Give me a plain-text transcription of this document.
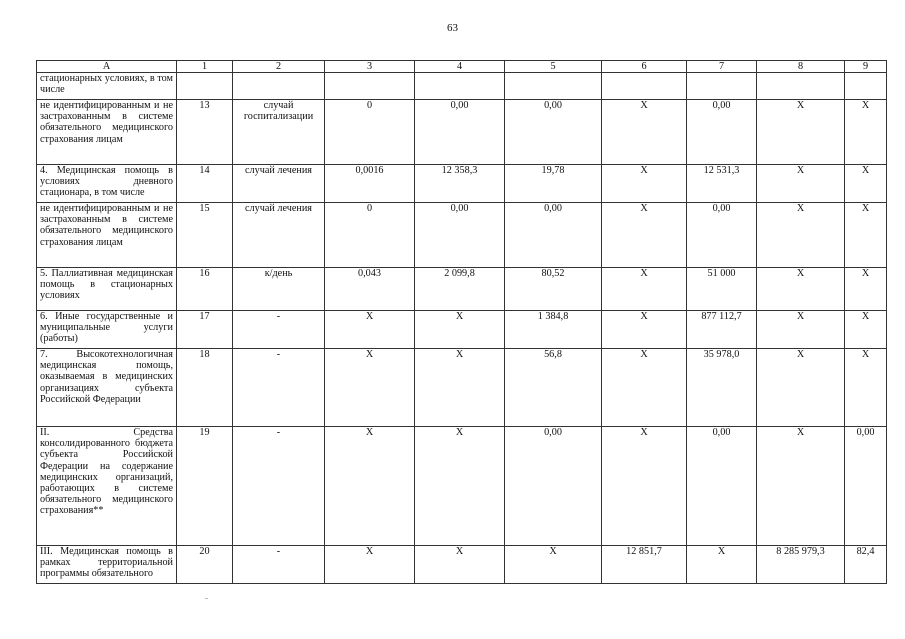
63
А	1	2	3	4	5	6	7	8	9
стационарных условиях, в том числе									
не идентифицированным и не застрахованным в системе обязательного медицинского страхования лицам	13	случай госпитализации	0	0,00	0,00	X	0,00	X	X
4. Медицинская помощь в условиях дневного стационара, в том числе	14	случай лечения	0,0016	12 358,3	19,78	X	12 531,3	X	X
не идентифицированным и не застрахованным в системе обязательного медицинского страхования лицам	15	случай лечения	0	0,00	0,00	X	0,00	X	X
5. Паллиативная медицинская помощь в стационарных условиях	16	к/день	0,043	2 099,8	80,52	X	51 000	X	X
6. Иные государственные и муниципальные услуги (работы)	17	-	X	X	1 384,8	X	877 112,7	X	X
7. Высокотехнологичная медицинская помощь, оказываемая в медицинских организациях субъекта Российской Федерации	18	-	X	X	56,8	X	35 978,0	X	X
II. Средства консолидированного бюджета субъекта Российской Федерации на содержание медицинских организаций, работающих в системе обязательного медицинского страхования**	19	-	X	X	0,00	X	0,00	X	0,00
III. Медицинская помощь в рамках территориальной программы обязательного	20	-	X	X	X	12 851,7	X	8 285 979,3	82,4
